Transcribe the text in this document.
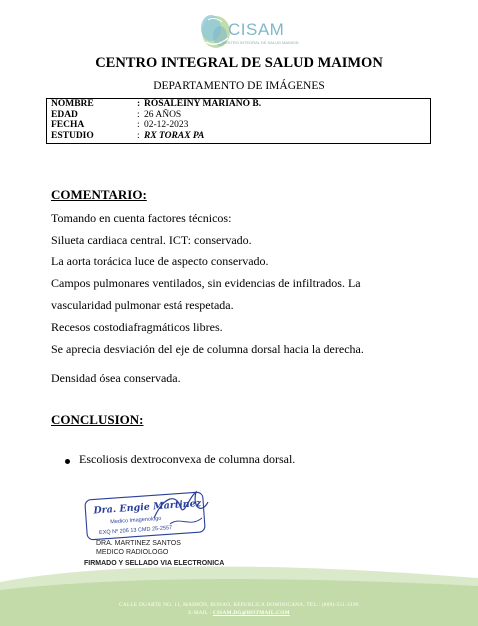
CISAM
CENTRO INTEGRAL DE SALUD MAIMON
CENTRO INTEGRAL DE SALUD MAIMON
DEPARTAMENTO DE IMÁGENES
NOMBRE	: ROSALEINY MARIANO B.
EDAD	: 26 AÑOS
FECHA	: 02-12-2023
ESTUDIO	: RX TORAX PA
COMENTARIO:
Tomando en cuenta factores técnicos:
Silueta cardiaca central. ICT: conservado.
La aorta torácica luce de aspecto conservado.
Campos pulmonares ventilados, sin evidencias de infiltrados. La
vascularidad pulmonar está respetada.
Recesos costodiafragmáticos libres.
Se aprecia desviación del eje de columna dorsal hacia la derecha.
Densidad ósea conservada.
CONCLUSION:
Escoliosis dextroconvexa de columna dorsal.
Dra. Engie Martinez
Medico Imagenologo
EXQ Nº 206 13 CMD 25-2557
DRA. MARTINEZ SANTOS
MEDICO RADIOLOGO
FIRMADO Y SELLADO VIA ELECTRONICA
CALLE DUARTE NO. 11, MAIMÓN, BONAO, REPUBLICA DOMINICANA, TEL.: (809)-551-2196
E-MAIL : CISAM.DG@HOTMAIL.COM
